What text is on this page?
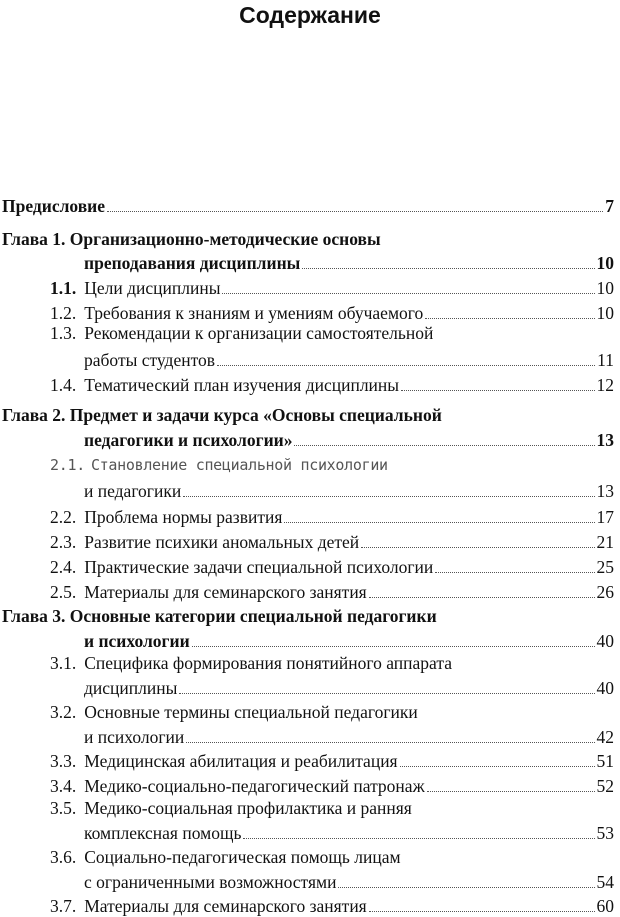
Содержание
Предисловие	7
Глава 1. Организационно-методические основы
преподавания дисциплины	10
1.1. Цели дисциплины	10
1.2. Требования к знаниям и умениям обучаемого	10
1.3. Рекомендации к организации самостоятельной
работы студентов	11
1.4. Тематический план изучения дисциплины	12
Глава 2. Предмет и задачи курса «Основы специальной
педагогики и психологии»	13
2.1. Становление специальной психологии
и педагогики	13
2.2. Проблема нормы развития	17
2.3. Развитие психики аномальных детей	21
2.4. Практические задачи специальной психологии	25
2.5. Материалы для семинарского занятия	26
Глава 3. Основные категории специальной педагогики
и психологии	40
3.1. Специфика формирования понятийного аппарата
дисциплины	40
3.2. Основные термины специальной педагогики
и психологии	42
3.3. Медицинская абилитация и реабилитация	51
3.4. Медико-социально-педагогический патронаж	52
3.5. Медико-социальная профилактика и ранняя
комплексная помощь	53
3.6. Социально-педагогическая помощь лицам
с ограниченными возможностями	54
3.7. Материалы для семинарского занятия	60
